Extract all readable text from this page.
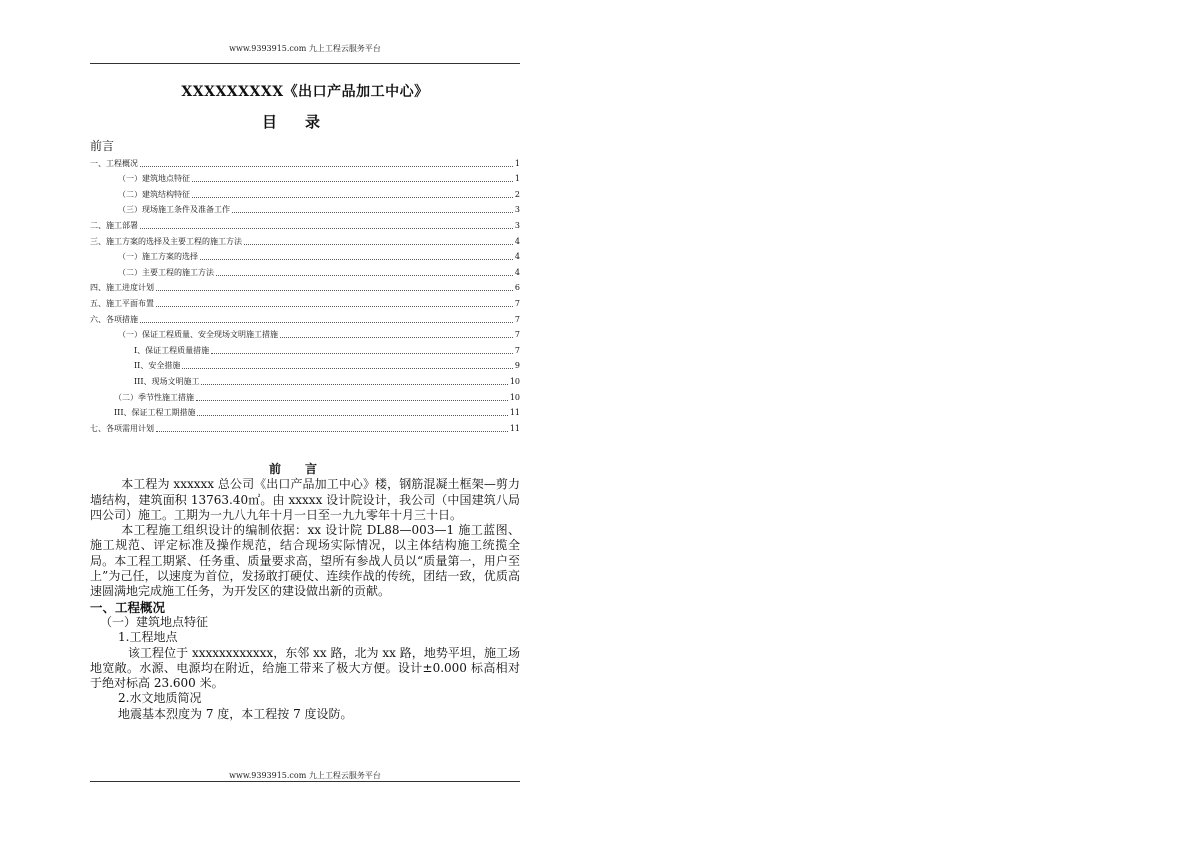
www.9393915.com 九上工程云服务平台
XXXXXXXXX《出口产品加工中心》
目录
前言
一、工程概况	1
（一）建筑地点特征	1
（二）建筑结构特征	2
（三）现场施工条件及准备工作	3
二、施工部署	3
三、施工方案的选择及主要工程的施工方法	4
（一）施工方案的选择	4
（二）主要工程的施工方法	4
四、施工进度计划	6
五、施工平面布置	7
六、各项措施	7
（一）保证工程质量、安全现场文明施工措施	7
I、保证工程质量措施	7
II、安全措施	9
III、现场文明施工	10
（二）季节性施工措施	10
III、保证工程工期措施	11
七、各项需用计划	11
前言

本工程为 xxxxxx 总公司《出口产品加工中心》楼，钢筋混凝土框架—剪力墙结构，建筑面积 13763.40㎡。由 xxxxx 设计院设计，我公司（中国建筑八局四公司）施工。工期为一九八九年十月一日至一九九零年十月三十日。

本工程施工组织设计的编制依据：xx 设计院 DL88—003—1 施工蓝图、施工规范、评定标准及操作规范，结合现场实际情况，以主体结构施工统揽全局。本工程工期紧、任务重、质量要求高，望所有参战人员以“质量第一，用户至上”为己任，以速度为首位，发扬敢打硬仗、连续作战的传统，团结一致，优质高速圆满地完成施工任务，为开发区的建设做出新的贡献。

一、工程概况

（一）建筑地点特征

1.工程地点

该工程位于 xxxxxxxxxxxx，东邻 xx 路，北为 xx 路，地势平坦，施工场地宽敞。水源、电源均在附近，给施工带来了极大方便。设计±0.000 标高相对于绝对标高 23.600 米。

2.水文地质简况

地震基本烈度为 7 度，本工程按 7 度设防。

www.9393915.com 九上工程云服务平台
